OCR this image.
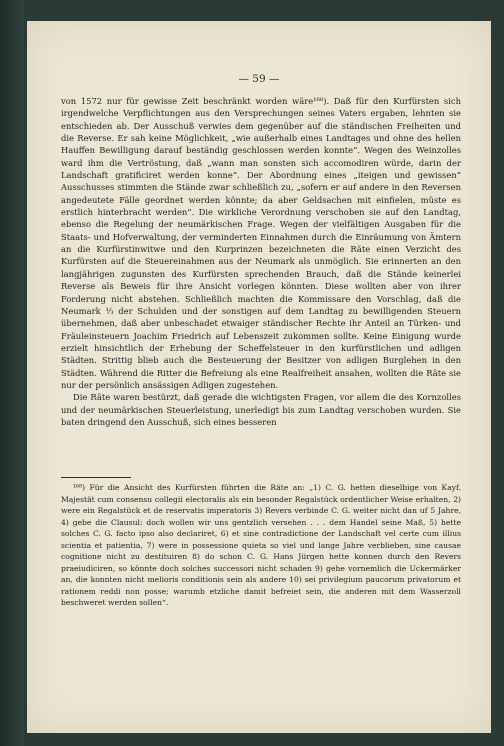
— 59 —

von 1572 nur für gewisse Zeit beschränkt worden wäre¹⁶⁸). Daß für den Kurfürsten sich irgendwelche Verpflichtungen aus den Versprechungen seines Vaters ergaben, lehnten sie entschieden ab. Der Ausschuß verwies dem gegenüber auf die ständischen Freiheiten und die Reverse. Er sah keine Möglichkeit, „wie außerhalb eines Landtages und ohne des hellen Hauffen Bewilligung darauf beständig geschlossen werden konnte“. Wegen des Weinzolles ward ihm die Vertröstung, daß „wann man sonsten sich accomodiren würde, darin der Landschaft gratificiret werden konne“. Der Abordnung eines „iteigen und gewissen“ Ausschusses stimmten die Stände zwar schließlich zu, „sofern er auf andere in den Reversen angedeutete Fälle geordnet werden könnte; da aber Geldsachen mit einfielen, müste es erstlich hinterbracht werden“. Die wirkliche Verordnung verschoben sie auf den Landtag, ebenso die Regelung der neumärkischen Frage. Wegen der vielfältigen Ausgaben für die Staats- und Hofverwaltung, der verminderten Einnahmen durch die Einräumung von Ämtern an die Kurfürstinwitwe und den Kurprinzen bezeichneten die Räte einen Verzicht des Kurfürsten auf die Steuereinahmen aus der Neumark als unmöglich. Sie erinnerten an den langjährigen zugunsten des Kurfürsten sprechenden Brauch, daß die Stände keinerlei Reverse als Beweis für ihre Ansicht vorlegen könnten. Diese wollten aber von ihrer Forderung nicht abstehen. Schließlich machten die Kommissare den Vorschlag, daß die Neumark ¹⁄₃ der Schulden und der sonstigen auf dem Landtag zu bewilligenden Steuern übernehmen, daß aber unbeschadet etwaiger ständischer Rechte ihr Anteil an Türken- und Fräuleinsteuern Joachim Friedrich auf Lebenszeit zukommen sollte. Keine Einigung wurde erzielt hinsichtlich der Erhebung der Scheffelsteuer in den kurfürstlichen und adligen Städten. Strittig blieb auch die Besteuerung der Besitzer von adligen Burglehen in den Städten. Während die Ritter die Befreiung als eine Realfreiheit ansahen, wollten die Räte sie nur der persönlich ansässigen Adligen zugestehen.

Die Räte waren bestürzt, daß gerade die wichtigsten Fragen, vor allem die des Kornzolles und der neumärkischen Steuerleistung, unerledigt bis zum Landtag verschoben wurden. Sie baten dringend den Ausschuß, sich eines besseren

¹⁶⁸) Für die Ansicht des Kurfürsten führten die Räte an: „1) C. G. hetten dieselbige von Kayf. Majestät cum consensu collegii electoralis als ein besonder Regalstück ordentlicher Weise erhalten, 2) were ein Regalstück et de reservatis imperatoris 3) Revers verbinde C. G. weiter nicht dan uf 5 Jahre, 4) gebe die Clausul: doch wollen wir uns gentzlich versehen . . . dem Handel seine Maß, 5) hette solches C. G. facto ipso also declariret, 6) et sine contradictione der Landschaft vel certe cum illius scientia et patientia, 7) were in possessione quieta so viel und lange Jahre verblieben, sine causae cognitione nicht zu destituiren 8) do schon C. G. Hans Jürgen hette konnen durch den Revers praeiudiciren, so könnte doch solches successori nicht schaden 9) gehe vornemlich die Uckermärker an, die konnten nicht melioris conditionis sein als andere 10) sei privilegium paucorum privatorum et rationem reddi non posse; warumb etzliche damit befreiet sein, die anderen mit dem Wasserzoll beschweret werden sollen“.
